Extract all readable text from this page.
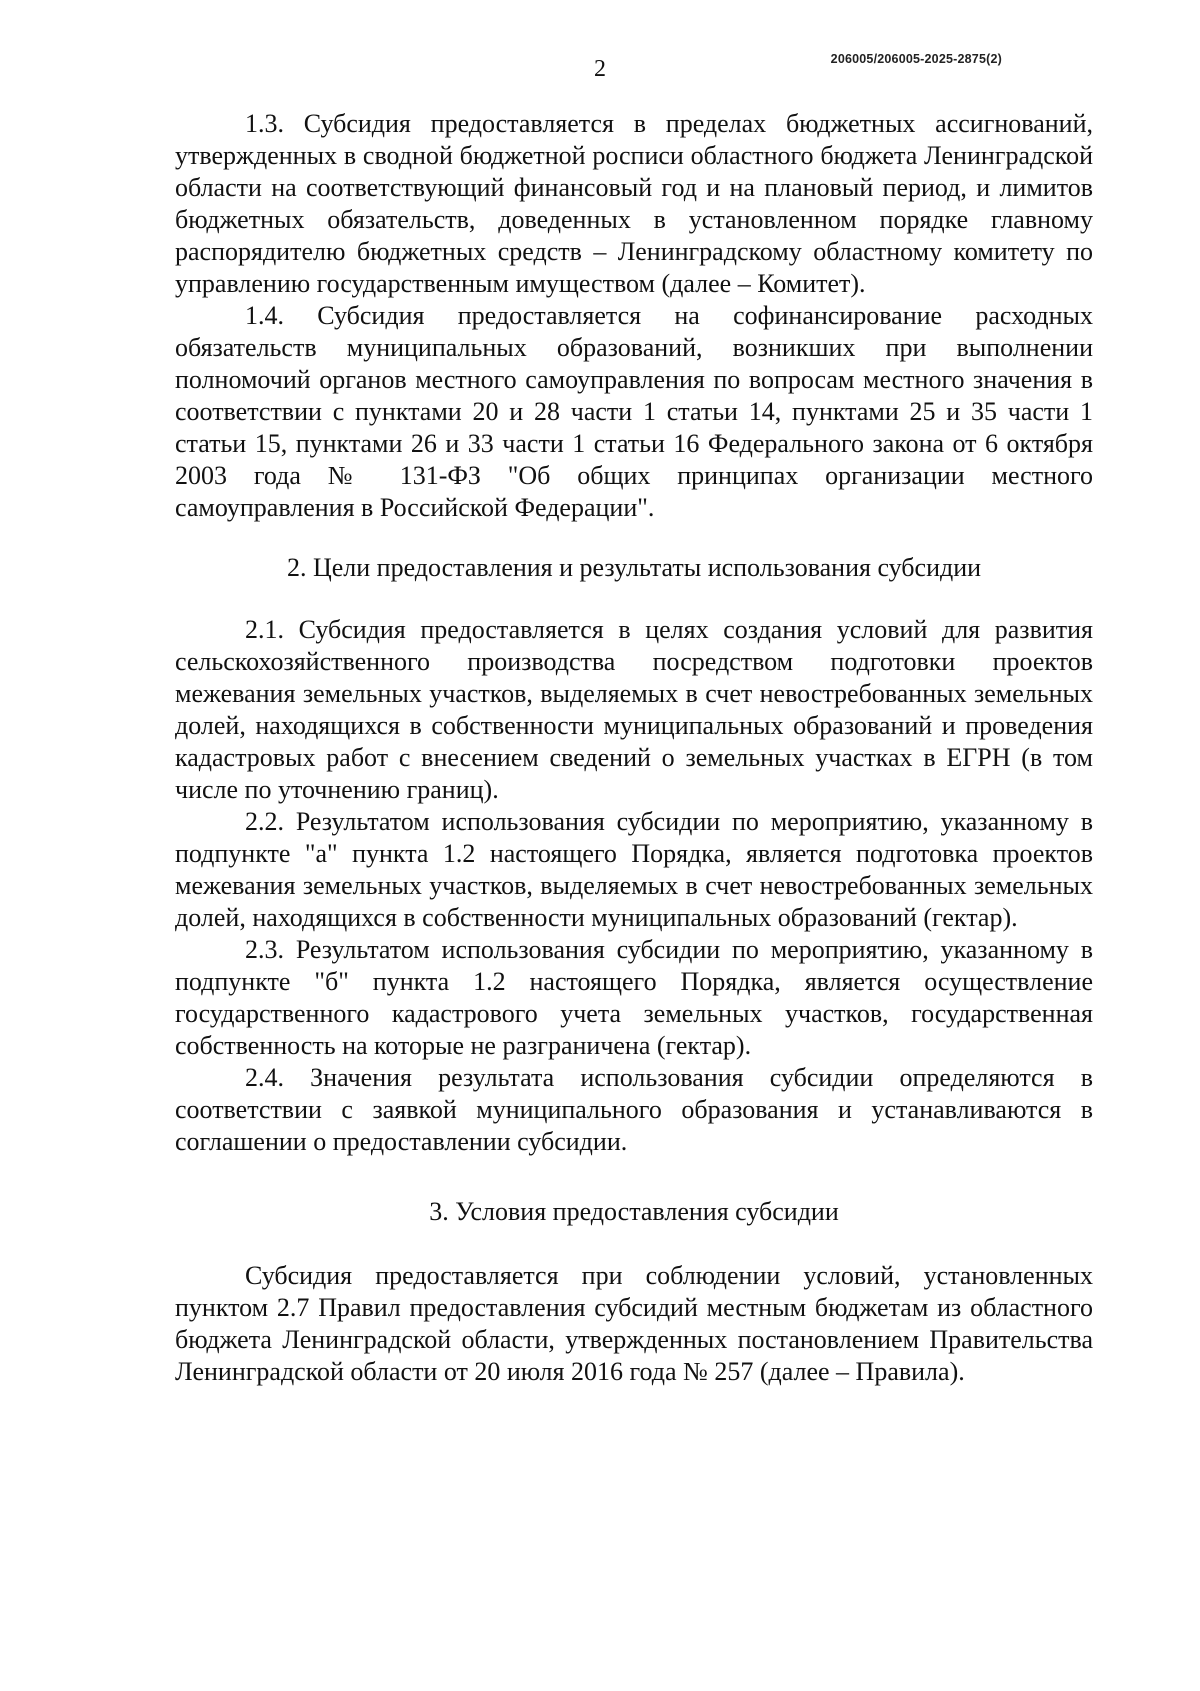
206005/206005-2025-2875(2)
2

1.3. Субсидия предоставляется в пределах бюджетных ассигнований, утвержденных в сводной бюджетной росписи областного бюджета Ленинградской области на соответствующий финансовый год и на плановый период, и лимитов бюджетных обязательств, доведенных в установленном порядке главному распорядителю бюджетных средств – Ленинградскому областному комитету по управлению государственным имуществом (далее – Комитет).

1.4. Субсидия предоставляется на софинансирование расходных обязательств муниципальных образований, возникших при выполнении полномочий органов местного самоуправления по вопросам местного значения в соответствии с пунктами 20 и 28 части 1 статьи 14, пунктами 25 и 35 части 1 статьи 15, пунктами 26 и 33 части 1 статьи 16 Федерального закона от 6 октября 2003 года № 131-ФЗ "Об общих принципах организации местного самоуправления в Российской Федерации".

2. Цели предоставления и результаты использования субсидии

2.1. Субсидия предоставляется в целях создания условий для развития сельскохозяйственного производства посредством подготовки проектов межевания земельных участков, выделяемых в счет невостребованных земельных долей, находящихся в собственности муниципальных образований и проведения кадастровых работ с внесением сведений о земельных участках в ЕГРН (в том числе по уточнению границ).

2.2. Результатом использования субсидии по мероприятию, указанному в подпункте "а" пункта 1.2 настоящего Порядка, является подготовка проектов межевания земельных участков, выделяемых в счет невостребованных земельных долей, находящихся в собственности муниципальных образований (гектар).

2.3. Результатом использования субсидии по мероприятию, указанному в подпункте "б" пункта 1.2 настоящего Порядка, является осуществление государственного кадастрового учета земельных участков, государственная собственность на которые не разграничена (гектар).

2.4. Значения результата использования субсидии определяются в соответствии с заявкой муниципального образования и устанавливаются в соглашении о предоставлении субсидии.

3. Условия предоставления субсидии

Субсидия предоставляется при соблюдении условий, установленных пунктом 2.7 Правил предоставления субсидий местным бюджетам из областного бюджета Ленинградской области, утвержденных постановлением Правительства Ленинградской области от 20 июля 2016 года № 257 (далее – Правила).
